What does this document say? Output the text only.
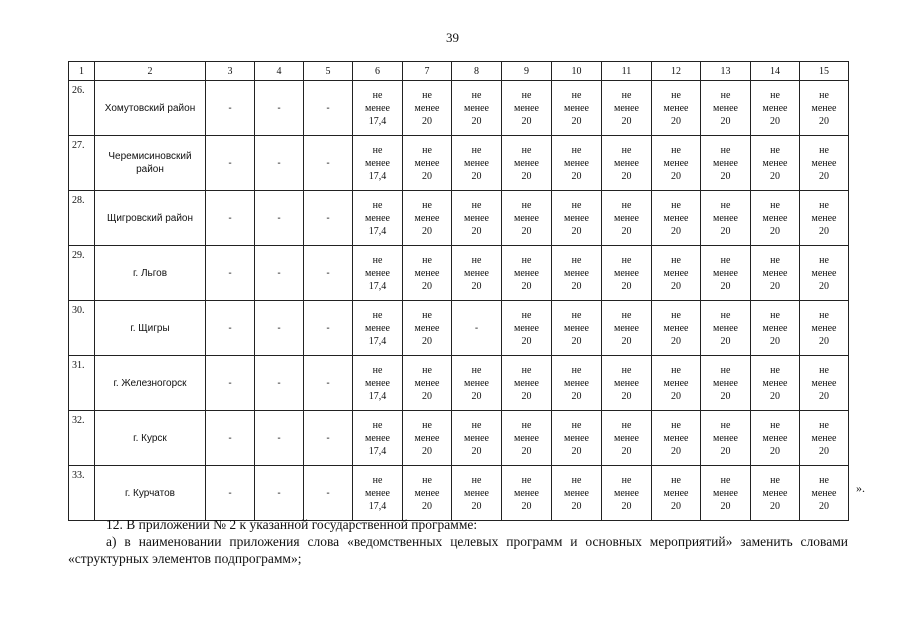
39
1	2	3	4	5	6	7	8	9	10	11	12	13	14	15
26.	Хомутовский район	-	-	-	не
менее
17,4	не
менее
20	не
менее
20	не
менее
20	не
менее
20	не
менее
20	не
менее
20	не
менее
20	не
менее
20	не
менее
20

27.	Черемисиновский район	-	-	-	не
менее
17,4	не
менее
20	не
менее
20	не
менее
20	не
менее
20	не
менее
20	не
менее
20	не
менее
20	не
менее
20	не
менее
20

28.	Щигровский район	-	-	-	не
менее
17,4	не
менее
20	не
менее
20	не
менее
20	не
менее
20	не
менее
20	не
менее
20	не
менее
20	не
менее
20	не
менее
20

29.	г. Льгов	-	-	-	не
менее
17,4	не
менее
20	не
менее
20	не
менее
20	не
менее
20	не
менее
20	не
менее
20	не
менее
20	не
менее
20	не
менее
20

30.	г. Щигры	-	-	-	не
менее
17,4	не
менее
20	-	не
менее
20	не
менее
20	не
менее
20	не
менее
20	не
менее
20	не
менее
20	не
менее
20

31.	г. Железногорск	-	-	-	не
менее
17,4	не
менее
20	не
менее
20	не
менее
20	не
менее
20	не
менее
20	не
менее
20	не
менее
20	не
менее
20	не
менее
20

32.	г. Курск	-	-	-	не
менее
17,4	не
менее
20	не
менее
20	не
менее
20	не
менее
20	не
менее
20	не
менее
20	не
менее
20	не
менее
20	не
менее
20

33.	г. Курчатов	-	-	-	не
менее
17,4	не
менее
20	не
менее
20	не
менее
20	не
менее
20	не
менее
20	не
менее
20	не
менее
20	не
менее
20	не
менее
20
».
12. В приложении № 2 к указанной государственной программе:
а) в наименовании приложения слова «ведомственных целевых программ и основных мероприятий» заменить словами «структурных элементов подпрограмм»;
